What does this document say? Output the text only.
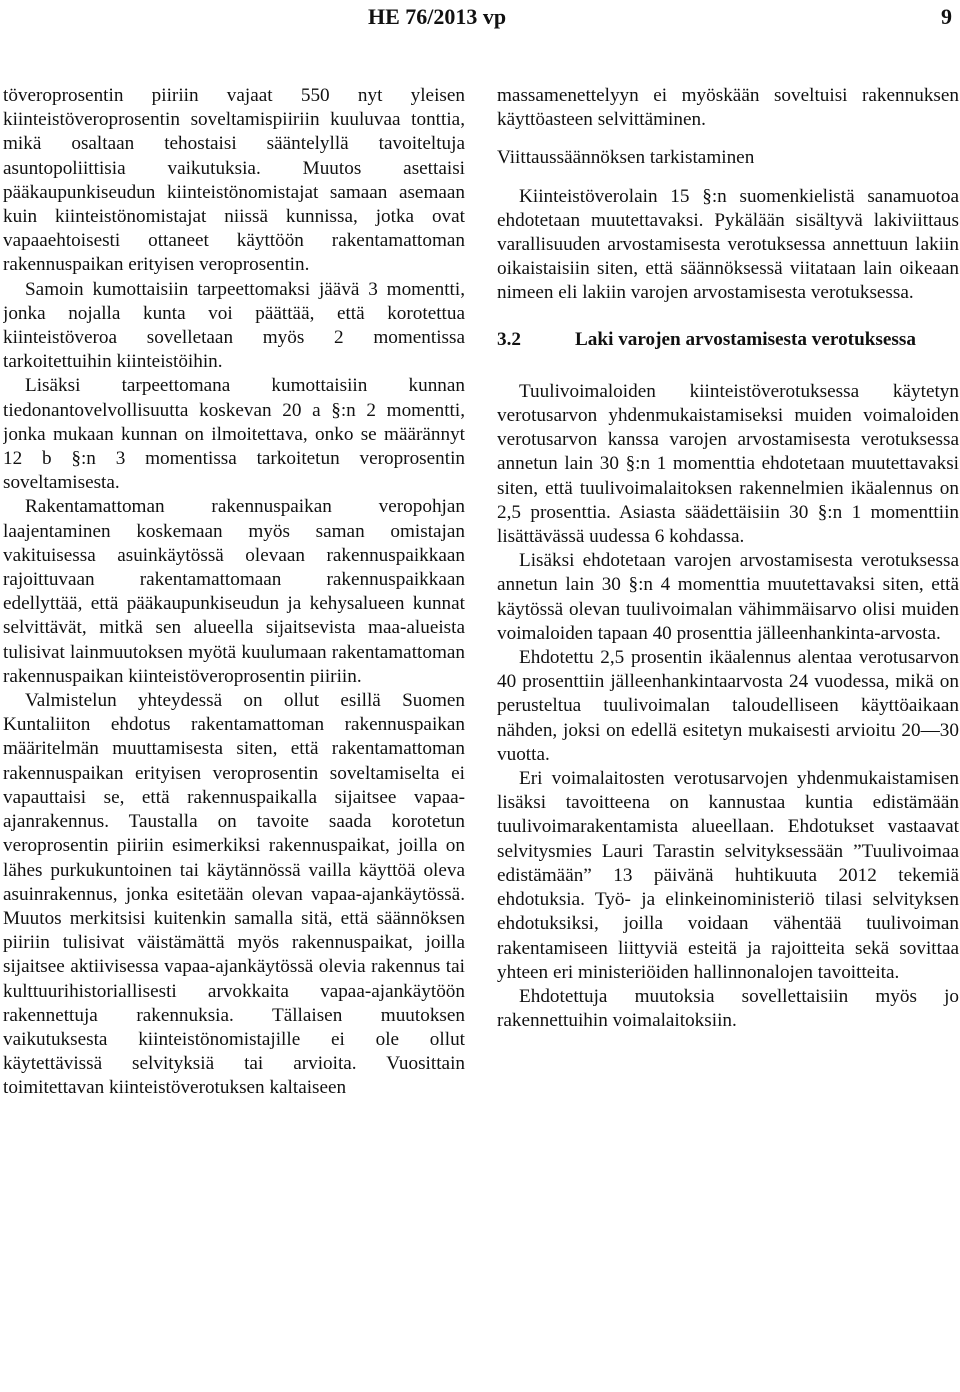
HE 76/2013 vp	9

töveroprosentin piiriin vajaat 550 nyt yleisen kiinteistöveroprosentin soveltamispiiriin kuuluvaa tonttia, mikä osaltaan tehostaisi sääntelyllä tavoiteltuja asuntopoliittisia vaikutuksia. Muutos asettaisi pääkaupunkiseudun kiinteistönomistajat samaan asemaan kuin kiinteistönomistajat niissä kunnissa, jotka ovat vapaaehtoisesti ottaneet käyttöön rakentamattoman rakennuspaikan erityisen veroprosentin.

Samoin kumottaisiin tarpeettomaksi jäävä 3 momentti, jonka nojalla kunta voi päättää, että korotettua kiinteistöveroa sovelletaan myös 2 momentissa tarkoitettuihin kiinteistöihin.

Lisäksi tarpeettomana kumottaisiin kunnan tiedonantovelvollisuutta koskevan 20 a §:n 2 momentti, jonka mukaan kunnan on ilmoitettava, onko se määrännyt 12 b §:n 3 momentissa tarkoitetun veroprosentin soveltamisesta.

Rakentamattoman rakennuspaikan veropohjan laajentaminen koskemaan myös saman omistajan vakituisessa asuinkäytössä olevaan rakennuspaikkaan rajoittuvaan rakentamattomaan rakennuspaikkaan edellyttää, että pääkaupunkiseudun ja kehysalueen kunnat selvittävät, mitkä sen alueella sijaitsevista maa-alueista tulisivat lainmuutoksen myötä kuulumaan rakentamattoman rakennuspaikan kiinteistöveroprosentin piiriin.

Valmistelun yhteydessä on ollut esillä Suomen Kuntaliiton ehdotus rakentamattoman rakennuspaikan määritelmän muuttamisesta siten, että rakentamattoman rakennuspaikan erityisen veroprosentin soveltamiselta ei vapauttaisi se, että rakennuspaikalla sijaitsee vapaa-ajanrakennus. Taustalla on tavoite saada korotetun veroprosentin piiriin esimerkiksi rakennuspaikat, joilla on lähes purkukuntoinen tai käytännössä vailla käyttöä oleva asuinrakennus, jonka esitetään olevan vapaa-ajankäytössä. Muutos merkitsisi kuitenkin samalla sitä, että säännöksen piiriin tulisivat väistämättä myös rakennuspaikat, joilla sijaitsee aktiivisessa vapaa-ajankäytössä olevia rakennus tai kulttuurihistoriallisesti arvokkaita vapaa-ajankäytöön rakennettuja rakennuksia. Tällaisen muutoksen vaikutuksesta kiinteistönomistajille ei ole ollut käytettävissä selvityksiä tai arvioita. Vuosittain toimitettavan kiinteistöverotuksen kaltaiseen

massamenettelyyn ei myöskään soveltuisi rakennuksen käyttöasteen selvittäminen.

Viittaussäännöksen tarkistaminen

Kiinteistöverolain 15 §:n suomenkielistä sanamuotoa ehdotetaan muutettavaksi. Pykälään sisältyvä lakiviittaus varallisuuden arvostamisesta verotuksessa annettuun lakiin oikaistaisiin siten, että säännöksessä viitataan lain oikeaan nimeen eli lakiin varojen arvostamisesta verotuksessa.

3.2	Laki varojen arvostamisesta verotuksessa

Tuulivoimaloiden kiinteistöverotuksessa käytetyn verotusarvon yhdenmukaistamiseksi muiden voimaloiden verotusarvon kanssa varojen arvostamisesta verotuksessa annetun lain 30 §:n 1 momenttia ehdotetaan muutettavaksi siten, että tuulivoimalaitoksen rakennelmien ikäalennus on 2,5 prosenttia. Asiasta säädettäisiin 30 §:n 1 momenttiin lisättävässä uudessa 6 kohdassa.

Lisäksi ehdotetaan varojen arvostamisesta verotuksessa annetun lain 30 §:n 4 momenttia muutettavaksi siten, että käytössä olevan tuulivoimalan vähimmäisarvo olisi muiden voimaloiden tapaan 40 prosenttia jälleenhankinta-arvosta.

Ehdotettu 2,5 prosentin ikäalennus alentaa verotusarvon 40 prosenttiin jälleenhankintaarvosta 24 vuodessa, mikä on perusteltua tuulivoimalan taloudelliseen käyttöaikaan nähden, joksi on edellä esitetyn mukaisesti arvioitu 20—30 vuotta.

Eri voimalaitosten verotusarvojen yhdenmukaistamisen lisäksi tavoitteena on kannustaa kuntia edistämään tuulivoimarakentamista alueellaan. Ehdotukset vastaavat selvitysmies Lauri Tarastin selvityksessään ”Tuulivoimaa edistämään” 13 päivänä huhtikuuta 2012 tekemiä ehdotuksia. Työ- ja elinkeinoministeriö tilasi selvityksen ehdotuksiksi, joilla voidaan vähentää tuulivoiman rakentamiseen liittyviä esteitä ja rajoitteita sekä sovittaa yhteen eri ministeriöiden hallinnonalojen tavoitteita.

Ehdotettuja muutoksia sovellettaisiin myös jo rakennettuihin voimalaitoksiin.
